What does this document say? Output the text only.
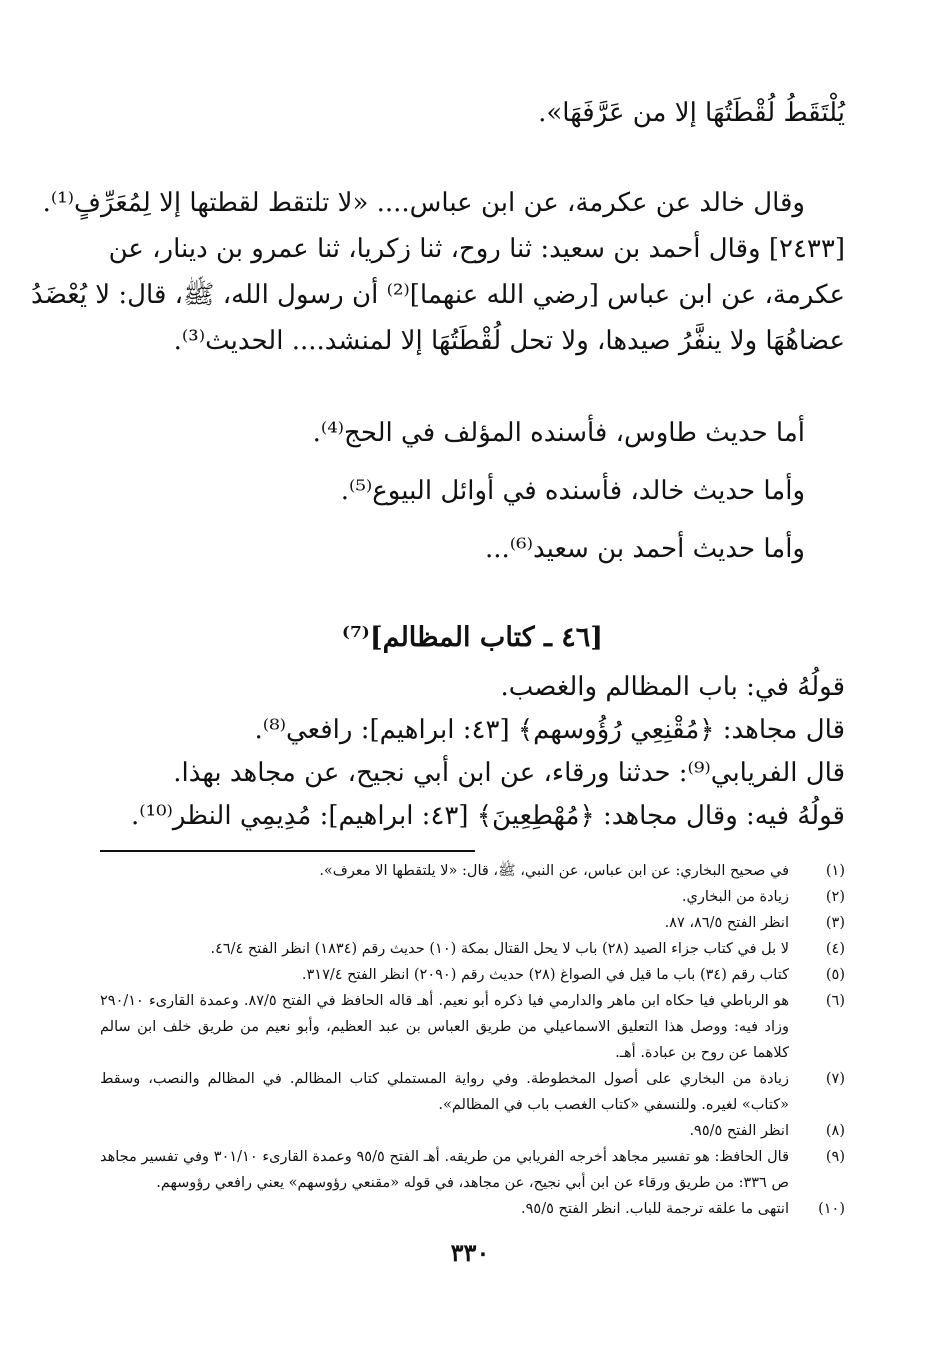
يُلْتَقَطُ لُقْطَتُهَا إلا من عَرَّفَهَا».
وقال خالد عن عكرمة، عن ابن عباس.... «لا تلتقط لقطتها إلا لِمُعَرِّفٍ⁽¹⁾.
[٢٤٣٣] وقال أحمد بن سعيد: ثنا روح، ثنا زكريا، ثنا عمرو بن دينار، عن
عكرمة، عن ابن عباس [رضي الله عنهما]⁽²⁾ أن رسول الله، ﷺ، قال: لا يُعْضَدُ
عضاهُهَا ولا ينفَّرُ صيدها، ولا تحل لُقْطَتُهَا إلا لمنشد.... الحديث⁽³⁾.
أما حديث طاوس، فأسنده المؤلف في الحج⁽⁴⁾.
وأما حديث خالد، فأسنده في أوائل البيوع⁽⁵⁾.
وأما حديث أحمد بن سعيد⁽⁶⁾...
[٤٦ ـ كتاب المظالم]⁽⁷⁾
قولُهُ في: باب المظالم والغصب.
قال مجاهد: ﴿مُقْنِعِي رُؤُوسهم﴾ [٤٣: ابراهيم]: رافعي⁽⁸⁾.
قال الفريابي⁽⁹⁾: حدثنا ورقاء، عن ابن أبي نجيح، عن مجاهد بهذا.
قولُهُ فيه: وقال مجاهد: ﴿مُهْطِعِينَ﴾ [٤٣: ابراهيم]: مُدِيمِي النظر⁽¹⁰⁾.
(١)
في صحيح البخاري: عن ابن عباس، عن النبي، ﷺ، قال: «لا يلتقطها الا معرف».
(٢)
زيادة من البخاري.
(٣)
انظر الفتح ٨٦/٥، ٨٧.
(٤)
لا بل في كتاب جزاء الصيد (٢٨) باب لا يحل القتال بمكة (١٠) حديث رقم (١٨٣٤) انظر الفتح ٤٦/٤.
(٥)
كتاب رقم (٣٤) باب ما قيل في الصواغ (٢٨) حديث رقم (٢٠٩٠) انظر الفتح ٣١٧/٤.
(٦)
هو الرباطي فيا حكاه ابن ماهر والدارمي فيا ذكره أبو نعيم. أهـ قاله الحافظ في الفتح ٨٧/٥. وعمدة القارىء ٢٩٠/١٠ وزاد فيه: ووصل هذا التعليق الاسماعيلي من طريق العباس بن عبد العظيم، وأبو نعيم من طريق خلف ابن سالم كلاهما عن روح بن عبادة. أهـ.
(٧)
زيادة من البخاري على أصول المخطوطة. وفي رواية المستملي كتاب المظالم. في المظالم والنصب، وسقط «كتاب» لغيره. وللنسفي «كتاب الغصب باب في المظالم».
(٨)
انظر الفتح ٩٥/٥.
(٩)
قال الحافظ: هو تفسير مجاهد أخرجه الفريابي من طريقه. أهـ الفتح ٩٥/٥ وعمدة القارىء ٣٠١/١٠ وفي تفسير مجاهد ص ٣٣٦: من طريق ورقاء عن ابن أبي نجيح، عن مجاهد، في قوله «مقنعي رؤوسهم» يعني رافعي رؤوسهم.
(١٠)
انتهى ما علقه ترجمة للباب. انظر الفتح ٩٥/٥.
٣٣٠
